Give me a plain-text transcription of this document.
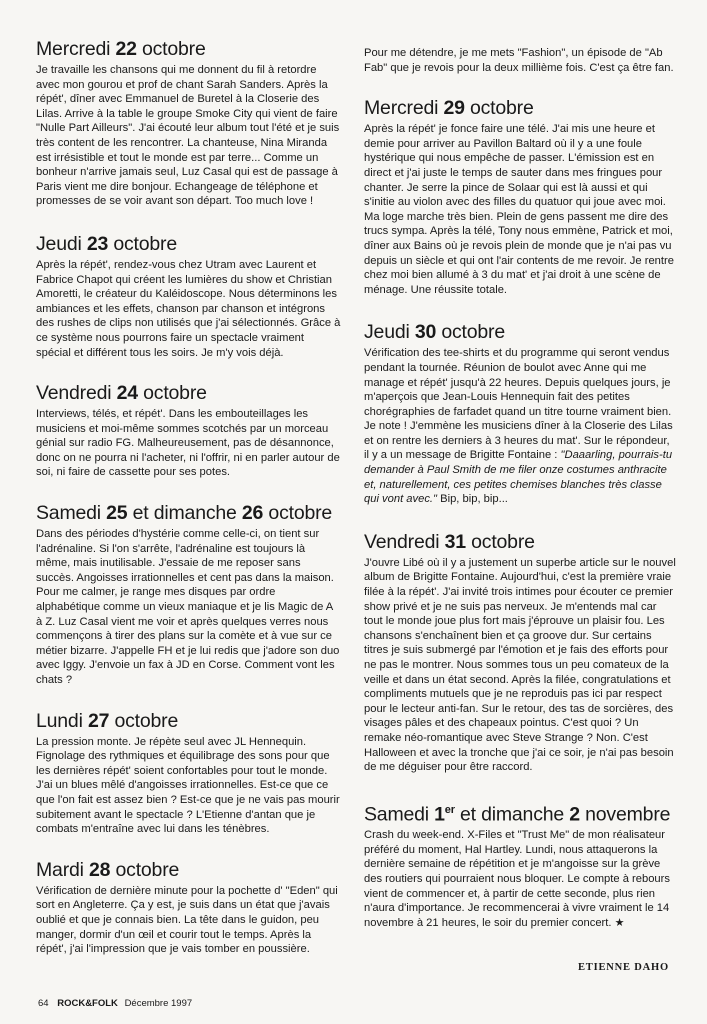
Mercredi 22 octobre

Je travaille les chansons qui me donnent du fil à retordre avec mon gourou et prof de chant Sarah Sanders. Après la répét', dîner avec Emmanuel de Buretel à la Closerie des Lilas. Arrive à la table le groupe Smoke City qui vient de faire "Nulle Part Ailleurs". J'ai écouté leur album tout l'été et je suis très content de les rencontrer. La chanteuse, Nina Miranda est irrésistible et tout le monde est par terre... Comme un bonheur n'arrive jamais seul, Luz Casal qui est de passage à Paris vient me dire bonjour. Echangeage de téléphone et promesses de se voir avant son départ. Too much love !

Jeudi 23 octobre

Après la répét', rendez-vous chez Utram avec Laurent et Fabrice Chapot qui créent les lumières du show et Christian Amoretti, le créateur du Kaléidoscope. Nous déterminons les ambiances et les effets, chanson par chanson et intégrons des rushes de clips non utilisés que j'ai sélectionnés. Grâce à ce système nous pourrons faire un spectacle vraiment spécial et différent tous les soirs. Je m'y vois déjà.

Vendredi 24 octobre

Interviews, télés, et répét'. Dans les embouteillages les musiciens et moi-même sommes scotchés par un morceau génial sur radio FG. Malheureusement, pas de désannonce, donc on ne pourra ni l'acheter, ni l'offrir, ni en parler autour de soi, ni faire de cassette pour ses potes.

Samedi 25 et dimanche 26 octobre

Dans des périodes d'hystérie comme celle-ci, on tient sur l'adrénaline. Si l'on s'arrête, l'adrénaline est toujours là même, mais inutilisable. J'essaie de me reposer sans succès. Angoisses irrationnelles et cent pas dans la maison. Pour me calmer, je range mes disques par ordre alphabétique comme un vieux maniaque et je lis Magic de A à Z. Luz Casal vient me voir et après quelques verres nous commençons à tirer des plans sur la comète et à vue sur ce métier bizarre. J'appelle FH et je lui redis que j'adore son duo avec Iggy. J'envoie un fax à JD en Corse. Comment vont les chats ?

Lundi 27 octobre

La pression monte. Je répète seul avec JL Hennequin. Fignolage des rythmiques et équilibrage des sons pour que les dernières répét' soient confortables pour tout le monde. J'ai un blues mêlé d'angoisses irrationnelles. Est-ce que ce que l'on fait est assez bien ? Est-ce que je ne vais pas mourir subitement avant le spectacle ? L'Etienne d'antan que je combats m'entraîne avec lui dans les ténèbres.

Mardi 28 octobre

Vérification de dernière minute pour la pochette d' "Eden" qui sort en Angleterre. Ça y est, je suis dans un état que j'avais oublié et que je connais bien. La tête dans le guidon, peu manger, dormir d'un œil et courir tout le temps. Après la répét', j'ai l'impression que je vais tomber en poussière.

Pour me détendre, je me mets "Fashion", un épisode de "Ab Fab" que je revois pour la deux millième fois. C'est ça être fan.

Mercredi 29 octobre

Après la répét' je fonce faire une télé. J'ai mis une heure et demie pour arriver au Pavillon Baltard où il y a une foule hystérique qui nous empêche de passer. L'émission est en direct et j'ai juste le temps de sauter dans mes fringues pour chanter. Je serre la pince de Solaar qui est là aussi et qui s'initie au violon avec des filles du quatuor qui joue avec moi. Ma loge marche très bien. Plein de gens passent me dire des trucs sympa. Après la télé, Tony nous emmène, Patrick et moi, dîner aux Bains où je revois plein de monde que je n'ai pas vu depuis un siècle et qui ont l'air contents de me revoir. Je rentre chez moi bien allumé à 3 du mat' et j'ai droit à une scène de ménage. Une réussite totale.

Jeudi 30 octobre

Vérification des tee-shirts et du programme qui seront vendus pendant la tournée. Réunion de boulot avec Anne qui me manage et répét' jusqu'à 22 heures. Depuis quelques jours, je m'aperçois que Jean-Louis Hennequin fait des petites chorégraphies de farfadet quand un titre tourne vraiment bien. Je note ! J'emmène les musiciens dîner à la Closerie des Lilas et on rentre les derniers à 3 heures du mat'. Sur le répondeur, il y a un message de Brigitte Fontaine : "Daaarling, pourrais-tu demander à Paul Smith de me filer onze costumes anthracite et, naturellement, ces petites chemises blanches très classe qui vont avec." Bip, bip, bip...

Vendredi 31 octobre

J'ouvre Libé où il y a justement un superbe article sur le nouvel album de Brigitte Fontaine. Aujourd'hui, c'est la première vraie filée à la répét'. J'ai invité trois intimes pour écouter ce premier show privé et je ne suis pas nerveux. Je m'entends mal car tout le monde joue plus fort mais j'éprouve un plaisir fou. Les chansons s'enchaînent bien et ça groove dur. Sur certains titres je suis submergé par l'émotion et je fais des efforts pour ne pas le montrer. Nous sommes tous un peu comateux de la veille et dans un état second. Après la filée, congratulations et compliments mutuels que je ne reproduis pas ici par respect pour le lecteur anti-fan. Sur le retour, des tas de sorcières, des visages pâles et des chapeaux pointus. C'est quoi ? Un remake néo-romantique avec Steve Strange ? Non. C'est Halloween et avec la tronche que j'ai ce soir, je n'ai pas besoin de me déguiser pour être raccord.

Samedi 1er et dimanche 2 novembre

Crash du week-end. X-Files et "Trust Me" de mon réalisateur préféré du moment, Hal Hartley. Lundi, nous attaquerons la dernière semaine de répétition et je m'angoisse sur la grève des routiers qui pourraient nous bloquer. Le compte à rebours vient de commencer et, à partir de cette seconde, plus rien n'aura d'importance. Je recommencerai à vivre vraiment le 14 novembre à 21 heures, le soir du premier concert. ★

ETIENNE DAHO
64 ROCK&FOLK Décembre 1997
